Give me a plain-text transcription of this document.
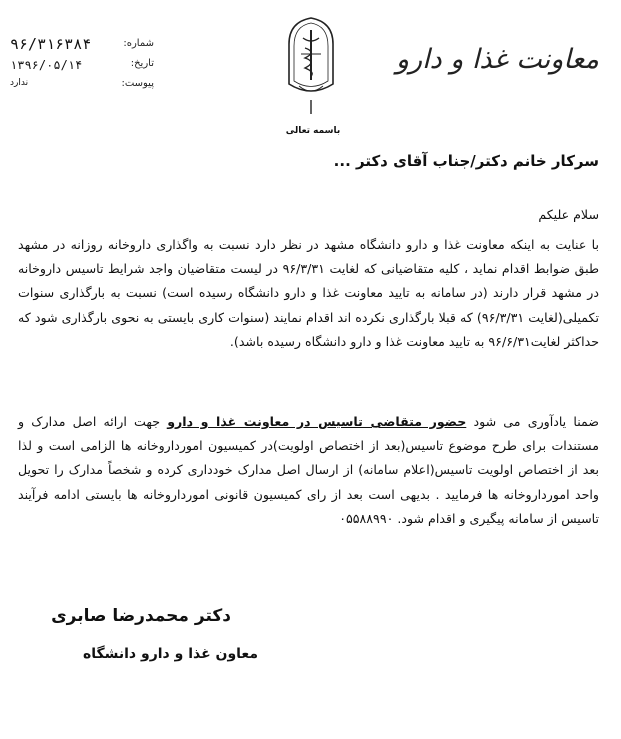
۹۶/۳۱۶۳۸۴	شماره:
۱۳۹۶/۰۵/۱۴	تاریخ:
ندارد	پیوست:
باسمه تعالی
معاونت غذا و دارو
سرکار خانم دکتر/جناب آقای دکتر ...
سلام علیکم
با عنایت به اینکه معاونت غذا و دارو دانشگاه مشهد در نظر دارد نسبت به واگذاری داروخانه روزانه در مشهد طبق ضوابط اقدام نماید ، کلیه متقاضیانی که لغایت ۹۶/۳/۳۱ در لیست متقاضیان واجد شرایط تاسیس داروخانه در مشهد قرار دارند (در سامانه به تایید معاونت غذا و دارو دانشگاه رسیده است) نسبت به بارگذاری سنوات تکمیلی(لغایت ۹۶/۳/۳۱) که قبلا بارگذاری نکرده اند اقدام نمایند (سنوات کاری بایستی به نحوی بارگذاری شود که حداکثر لغایت۹۶/۶/۳۱ به تایید معاونت غذا و دارو دانشگاه رسیده باشد).
ضمنا یادآوری می شود حضور متقاضی تاسیس در معاونت غذا و دارو جهت ارائه اصل مدارک و مستندات برای طرح موضوع تاسیس(بعد از اختصاص اولویت)در کمیسیون امورداروخانه ها الزامی است و لذا بعد از اختصاص اولویت تاسیس(اعلام سامانه) از ارسال اصل مدارک خودداری کرده و شخصاً مدارک را تحویل واحد امورداروخانه ها فرمایید . بدیهی است بعد از رای کمیسیون قانونی امورداروخانه ها بایستی ادامه فرآیند تاسیس از سامانه پیگیری و اقدام شود. ۰۵۵۸۸۹۹۰
دکتر محمدرضا صابری
معاون غذا و دارو دانشگاه
